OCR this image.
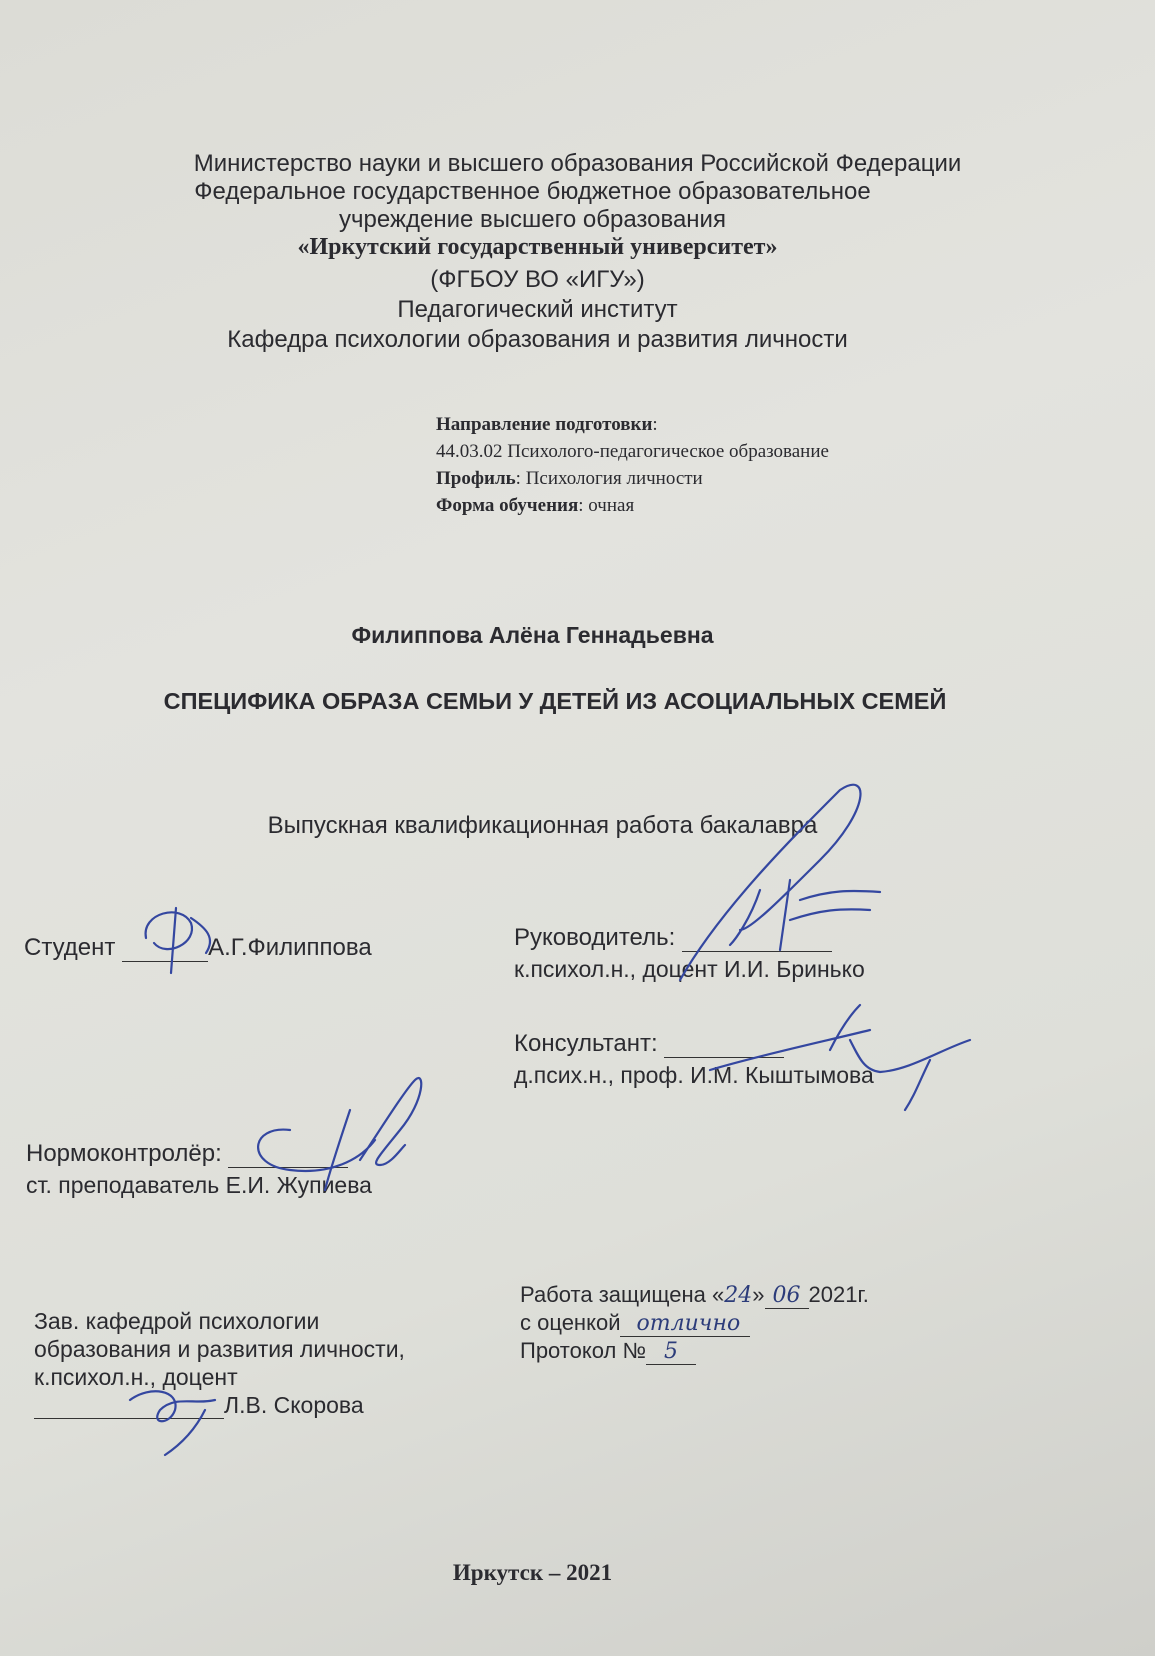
Министерство науки и высшего образования Российской Федерации
Федеральное государственное бюджетное образовательное
учреждение высшего образования
«Иркутский государственный университет»
(ФГБОУ ВО «ИГУ»)
Педагогический институт
Кафедра психологии образования и развития личности
Направление подготовки:
44.03.02 Психолого-педагогическое образование
Профиль: Психология личности
Форма обучения: очная
Филиппова Алёна Геннадьевна
СПЕЦИФИКА ОБРАЗА СЕМЬИ У ДЕТЕЙ ИЗ АСОЦИАЛЬНЫХ СЕМЕЙ
Выпускная квалификационная работа бакалавра
Студент	А.Г.Филиппова	Руководитель:
к.психол.н., доцент И.И. Бринько
Консультант:
д.псих.н., проф. И.М. Кыштымова
Нормоконтролёр:
ст. преподаватель Е.И. Жупиева
Зав. кафедрой психологии
образования и развития личности,
к.психол.н., доцент
Л.В. Скорова
Работа защищена «24» 06 2021г.
с оценкой отлично
Протокол № 5
Иркутск – 2021
